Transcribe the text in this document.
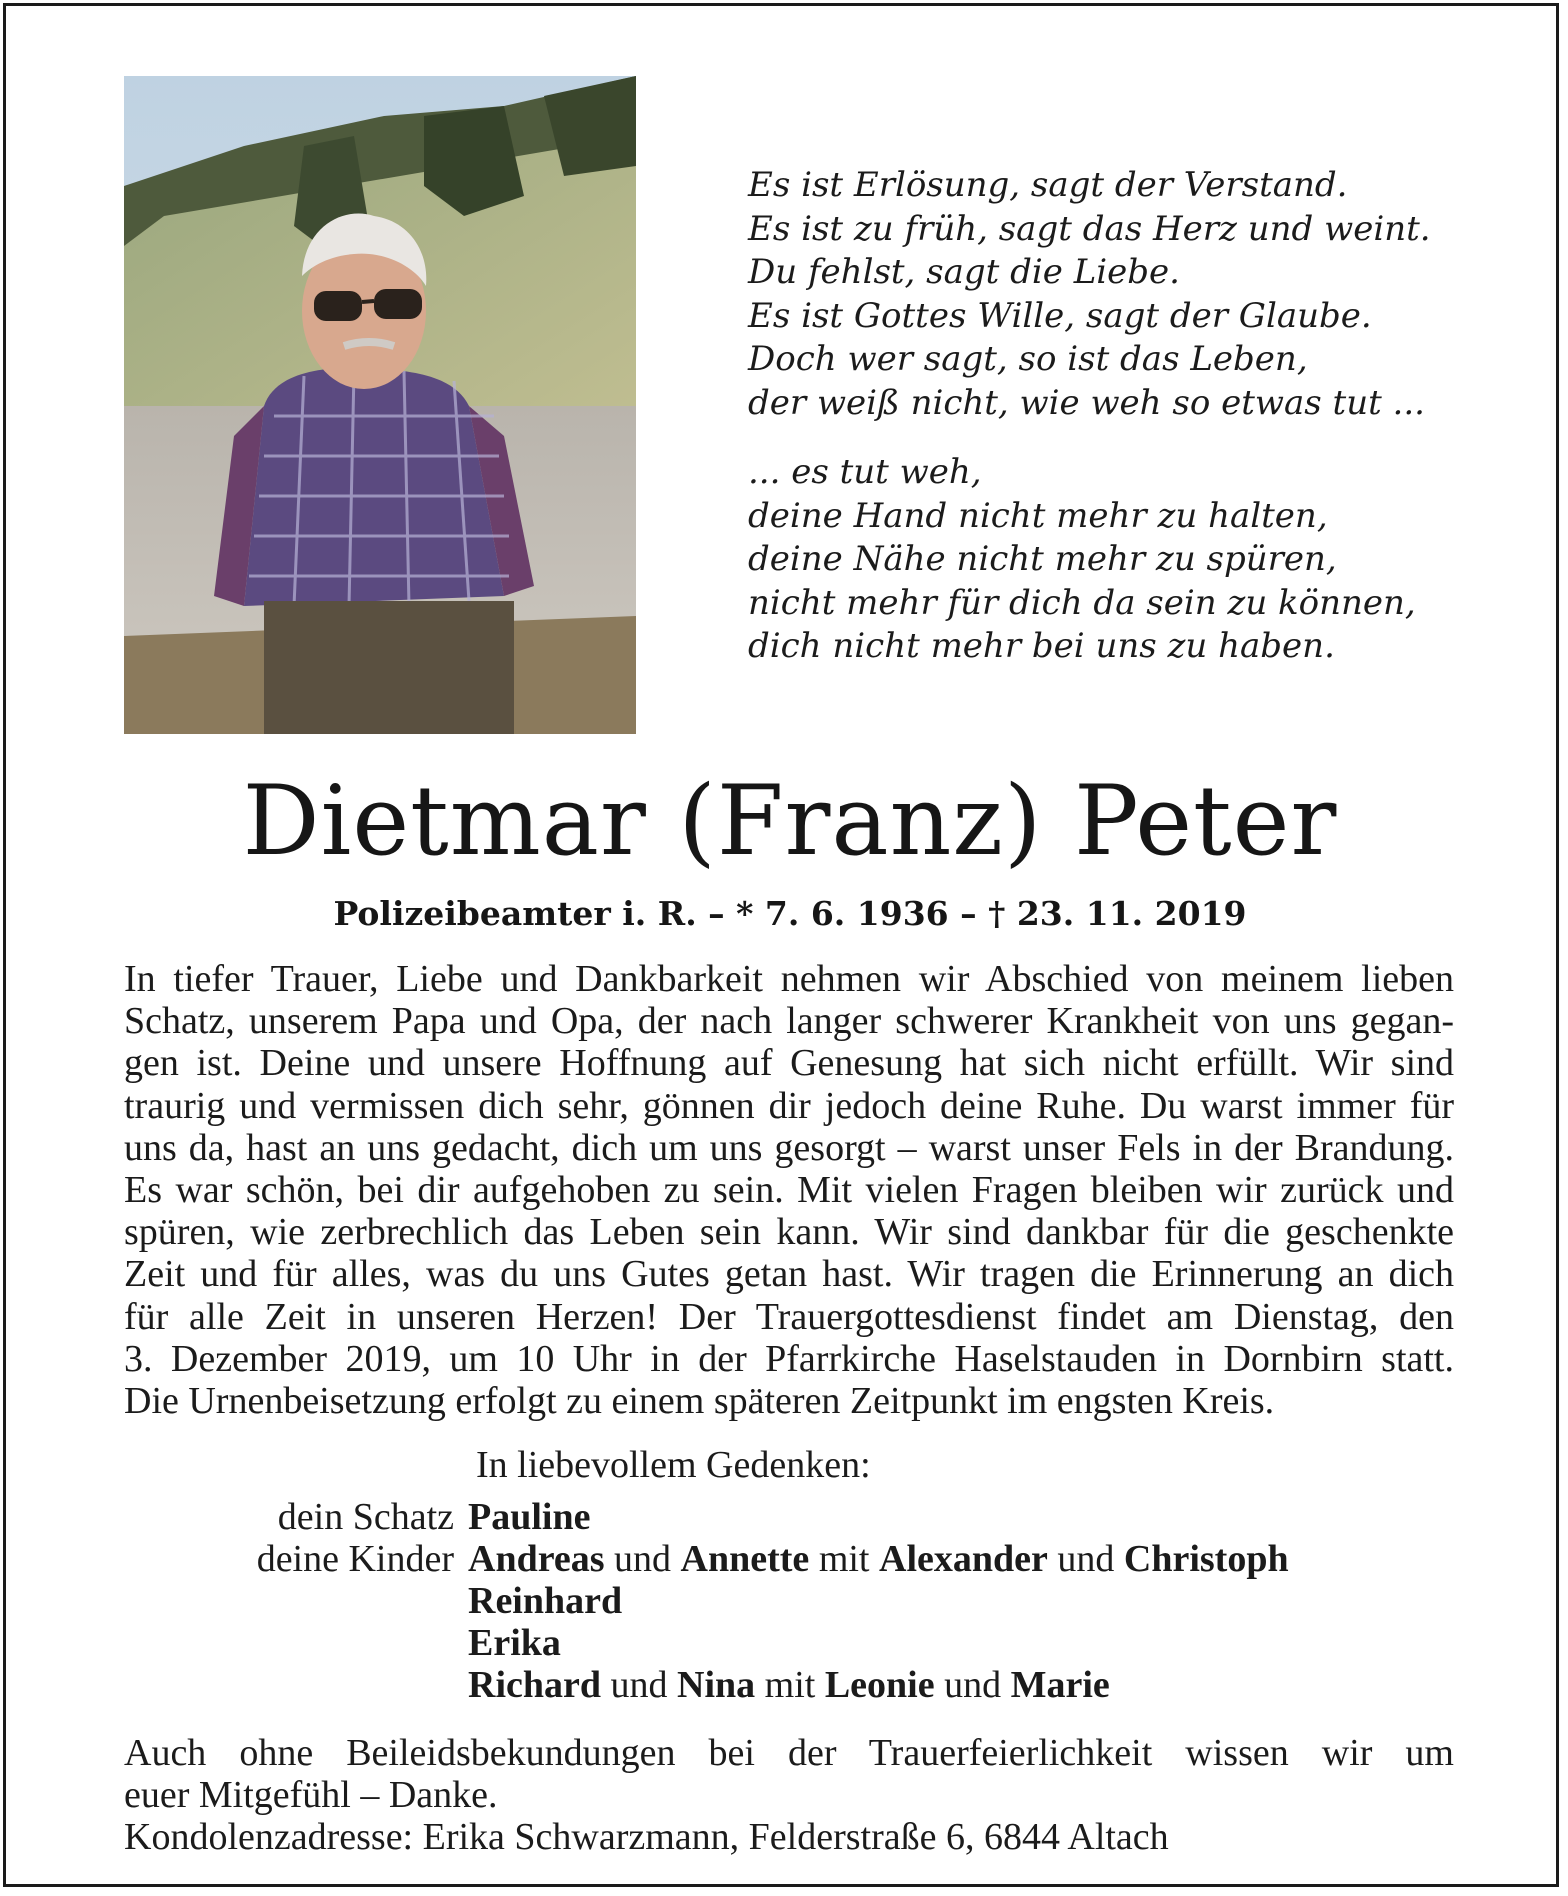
Es ist Erlösung, sagt der Verstand.
Es ist zu früh, sagt das Herz und weint.
Du fehlst, sagt die Liebe.
Es ist Gottes Wille, sagt der Glaube.
Doch wer sagt, so ist das Leben,
der weiß nicht, wie weh so etwas tut ...
... es tut weh,
deine Hand nicht mehr zu halten,
deine Nähe nicht mehr zu spüren,
nicht mehr für dich da sein zu können,
dich nicht mehr bei uns zu haben.
Dietmar (Franz) Peter
Polizeibeamter i. R. – * 7. 6. 1936 – † 23. 11. 2019
In tiefer Trauer, Liebe und Dankbarkeit nehmen wir Abschied von meinem lieben
Schatz, unserem Papa und Opa, der nach langer schwerer Krankheit von uns gegan-
gen ist. Deine und unsere Hoffnung auf Genesung hat sich nicht erfüllt. Wir sind
traurig und vermissen dich sehr, gönnen dir jedoch deine Ruhe. Du warst immer für
uns da, hast an uns gedacht, dich um uns gesorgt – warst unser Fels in der Brandung.
Es war schön, bei dir aufgehoben zu sein. Mit vielen Fragen bleiben wir zurück und
spüren, wie zerbrechlich das Leben sein kann. Wir sind dankbar für die geschenkte
Zeit und für alles, was du uns Gutes getan hast. Wir tragen die Erinnerung an dich
für alle Zeit in unseren Herzen! Der Trauergottesdienst findet am Dienstag, den
3. Dezember 2019, um 10 Uhr in der Pfarrkirche Haselstauden in Dornbirn statt.
Die Urnenbeisetzung erfolgt zu einem späteren Zeitpunkt im engsten Kreis.
In liebevollem Gedenken:
dein Schatz Pauline
deine Kinder Andreas und Annette mit Alexander und Christoph
Reinhard
Erika
Richard und Nina mit Leonie und Marie
Auch ohne Beileidsbekundungen bei der Trauerfeierlichkeit wissen wir um
euer Mitgefühl – Danke.
Kondolenzadresse: Erika Schwarzmann, Felderstraße 6, 6844 Altach
